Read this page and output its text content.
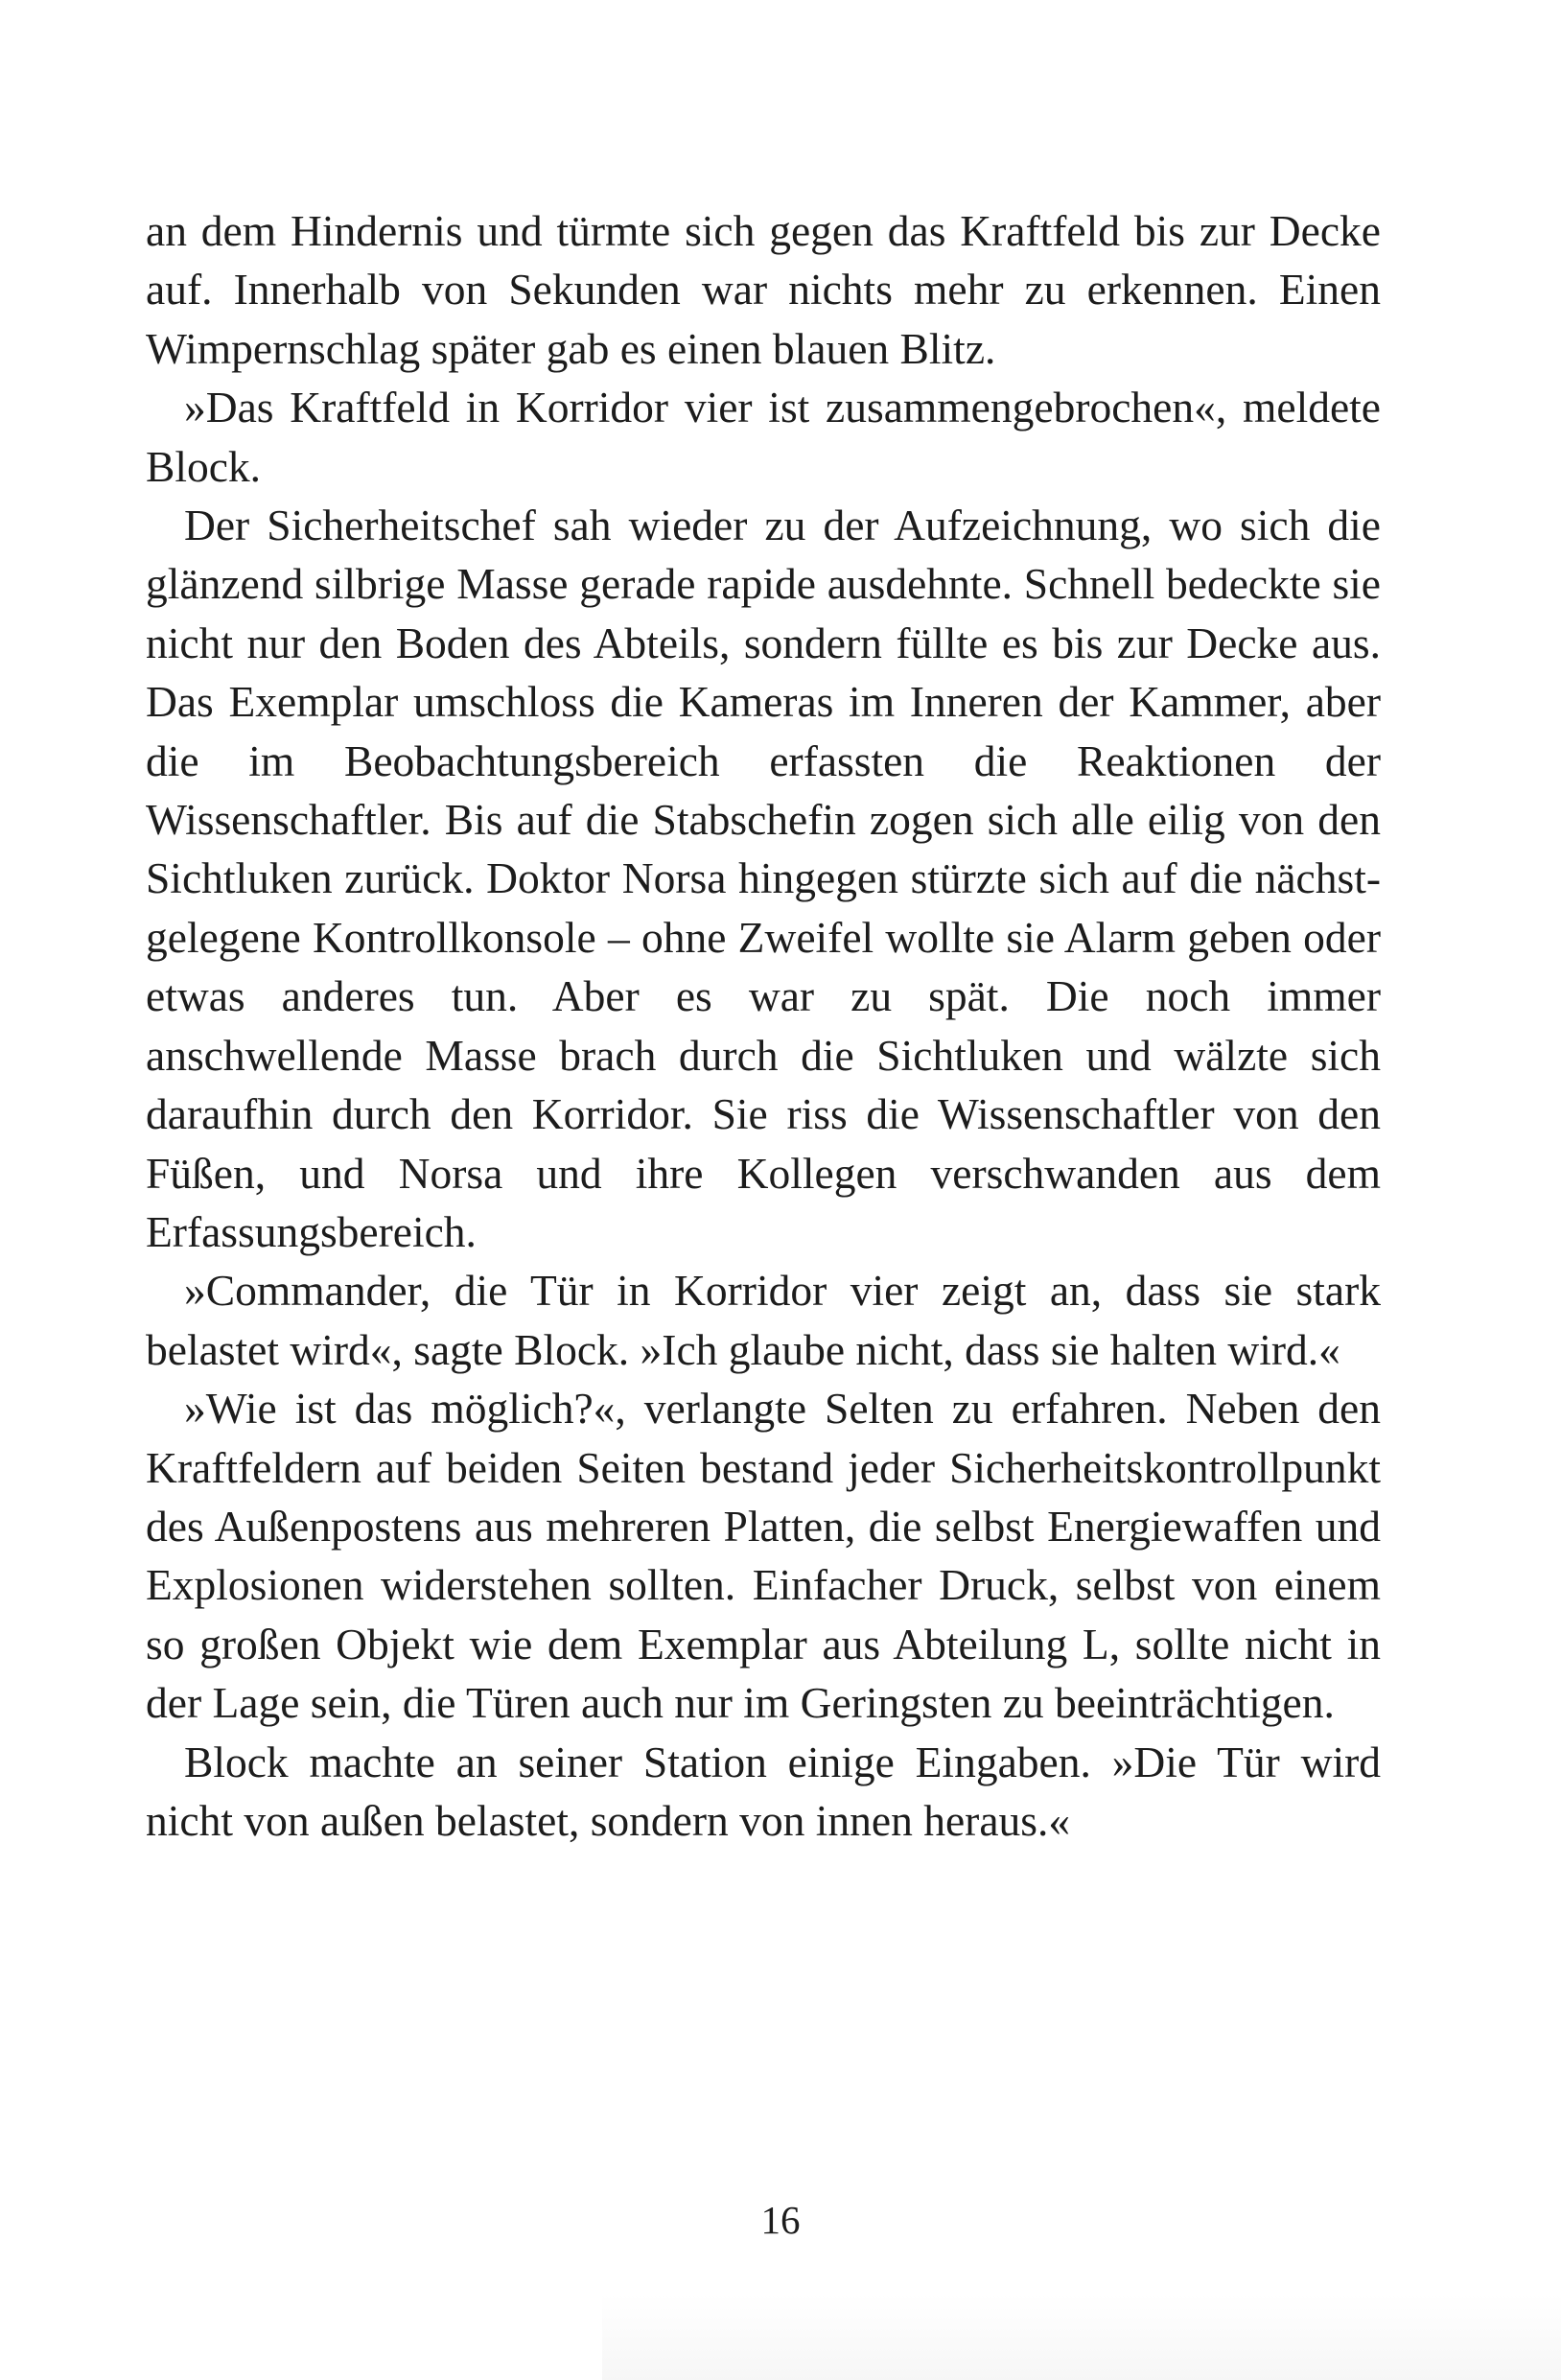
an dem Hindernis und türmte sich gegen das Kraftfeld bis zur Decke auf. Innerhalb von Sekunden war nichts mehr zu erkennen. Einen Wimpernschlag später gab es einen blauen Blitz.

»Das Kraftfeld in Korridor vier ist zusammengebrochen«, meldete Block.

Der Sicherheitschef sah wieder zu der Aufzeichnung, wo sich die glänzend silbrige Masse gerade rapide ausdehnte. Schnell bedeckte sie nicht nur den Boden des Abteils, sondern füllte es bis zur Decke aus. Das Exemplar umschloss die Kameras im Inneren der Kammer, aber die im Beobachtungsbereich erfassten die Reaktionen der Wissenschaftler. Bis auf die Stabschefin zogen sich alle eilig von den Sichtluken zurück. Doktor Norsa hingegen stürzte sich auf die nächstgelegene Kontrollkonsole – ohne Zweifel wollte sie Alarm geben oder etwas anderes tun. Aber es war zu spät. Die noch immer anschwellende Masse brach durch die Sichtluken und wälzte sich daraufhin durch den Korridor. Sie riss die Wissenschaftler von den Füßen, und Norsa und ihre Kollegen verschwanden aus dem Erfassungsbereich.

»Commander, die Tür in Korridor vier zeigt an, dass sie stark belastet wird«, sagte Block. »Ich glaube nicht, dass sie halten wird.«

»Wie ist das möglich?«, verlangte Selten zu erfahren. Neben den Kraftfeldern auf beiden Seiten bestand jeder Sicherheitskontrollpunkt des Außenpostens aus mehreren Platten, die selbst Energiewaffen und Explosionen widerstehen sollten. Einfacher Druck, selbst von einem so großen Objekt wie dem Exemplar aus Abteilung L, sollte nicht in der Lage sein, die Türen auch nur im Geringsten zu beeinträchtigen.

Block machte an seiner Station einige Eingaben. »Die Tür wird nicht von außen belastet, sondern von innen heraus.«

16
